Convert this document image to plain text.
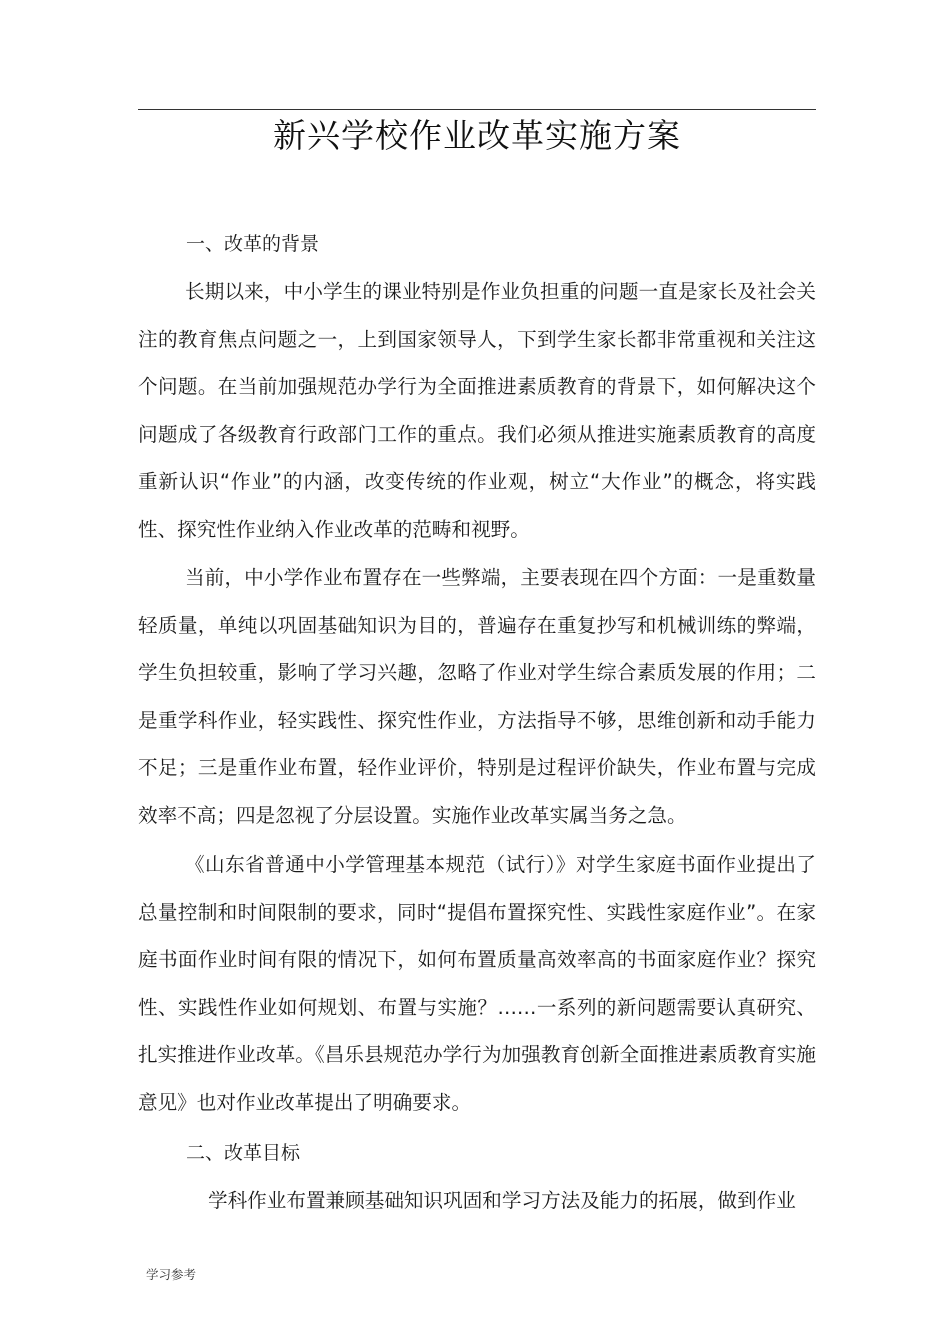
新兴学校作业改革实施方案
一、改革的背景

长期以来，中小学生的课业特别是作业负担重的问题一直是家长及社会关注的教育焦点问题之一，上到国家领导人，下到学生家长都非常重视和关注这个问题。在当前加强规范办学行为全面推进素质教育的背景下，如何解决这个问题成了各级教育行政部门工作的重点。我们必须从推进实施素质教育的高度重新认识“作业”的内涵，改变传统的作业观，树立“大作业”的概念，将实践性、探究性作业纳入作业改革的范畴和视野。

当前，中小学作业布置存在一些弊端，主要表现在四个方面：一是重数量轻质量，单纯以巩固基础知识为目的，普遍存在重复抄写和机械训练的弊端，学生负担较重，影响了学习兴趣，忽略了作业对学生综合素质发展的作用；二是重学科作业，轻实践性、探究性作业，方法指导不够，思维创新和动手能力不足；三是重作业布置，轻作业评价，特别是过程评价缺失，作业布置与完成效率不高；四是忽视了分层设置。实施作业改革实属当务之急。

《山东省普通中小学管理基本规范（试行）》对学生家庭书面作业提出了总量控制和时间限制的要求，同时“提倡布置探究性、实践性家庭作业”。在家庭书面作业时间有限的情况下，如何布置质量高效率高的书面家庭作业？探究性、实践性作业如何规划、布置与实施？……一系列的新问题需要认真研究、扎实推进作业改革。《昌乐县规范办学行为加强教育创新全面推进素质教育实施意见》也对作业改革提出了明确要求。

二、改革目标

学科作业布置兼顾基础知识巩固和学习方法及能力的拓展，做到作业

学习参考
